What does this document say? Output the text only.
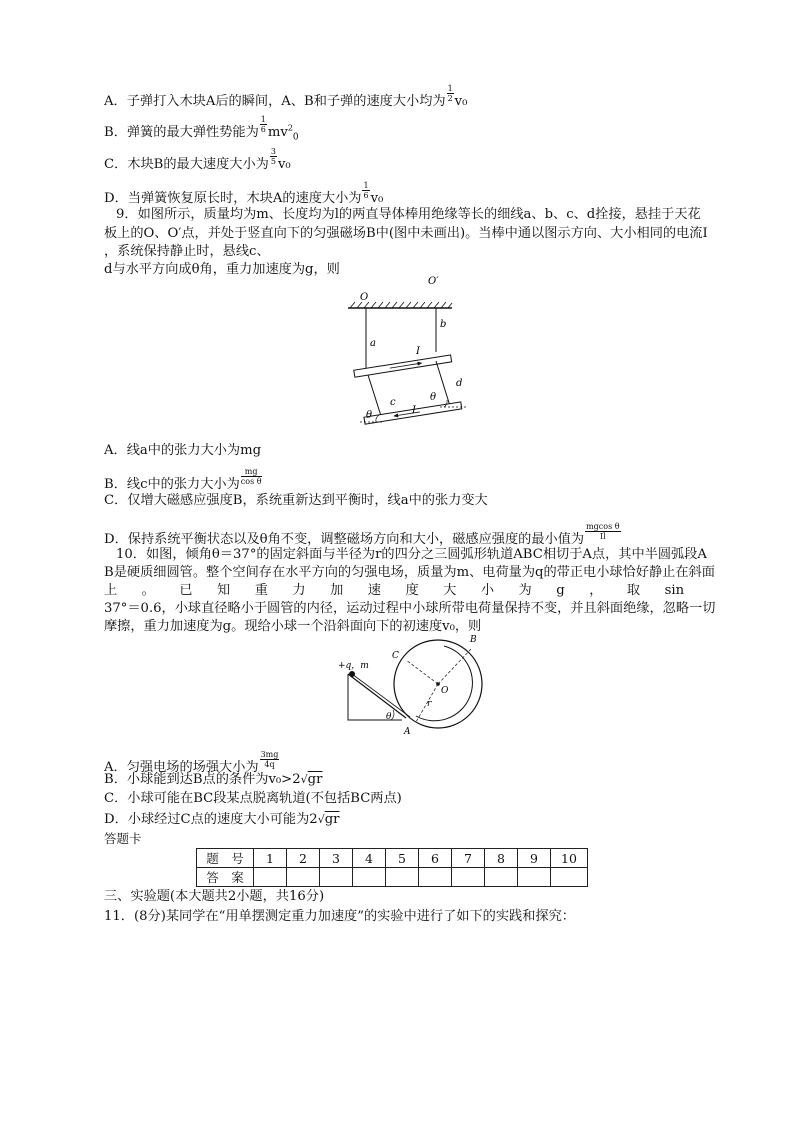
A．子弹打入木块A后的瞬间，A、B和子弹的速度大小均为 $\frac{1}{2} v_0$
B．弹簧的最大弹性势能为 $\frac{1}{6} mv^2_0$
C．木块B的最大速度大小为 $\frac{3}{5} v_0$
D．当弹簧恢复原长时，木块A的速度大小为 $\frac{1}{6} v_0$
9．如图所示，质量均为m、长度均为l的两直导体棒用绝缘等长的细线a、b、c、d拴接，悬挂于天花
板上的O、O′点，并处于竖直向下的匀强磁场B中(图中未画出)。当棒中通以图示方向、大小相同的电流I
，系统保持静止时，悬线c、
d与水平方向成θ角，重力加速度为g，则
O
O′
a
b
I
c
d
I
θ
θ
A．线a中的张力大小为mg
B．线c中的张力大小为 $\frac{mg}{\text{cos θ}}$
C．仅增大磁感应强度B，系统重新达到平衡时，线a中的张力变大
D．保持系统平衡状态以及θ角不变，调整磁场方向和大小，磁感应强度的最小值为 $\frac{\text{mgcos θ}}{Il}$
10．如图，倾角θ＝37°的固定斜面与半径为r的四分之三圆弧形轨道ABC相切于A点，其中半圆弧段A
B是硬质细圆管。整个空间存在水平方向的匀强电场，质量为m、电荷量为q的带正电小球恰好静止在斜面
上。已知重力加速度大小为g，取sin
37°＝0.6，小球直径略小于圆管的内径，运动过程中小球所带电荷量保持不变，并且斜面绝缘，忽略一切
摩擦，重力加速度为g。现给小球一个沿斜面向下的初速度v₀，则
+q，m
θ
O
r
B
C
A
A．匀强电场的场强大小为 $\frac{3mg}{4q}$
B．小球能到达B点的条件为v₀>2√gr
C．小球可能在BC段某点脱离轨道(不包括BC两点)
D．小球经过C点的速度大小可能为2√gr
答题卡
题　号	1	2	3	4	5	6	7	8	9	10
答　案										
三、实验题(本大题共2小题，共16分)
11．(8分)某同学在“用单摆测定重力加速度”的实验中进行了如下的实践和探究：
